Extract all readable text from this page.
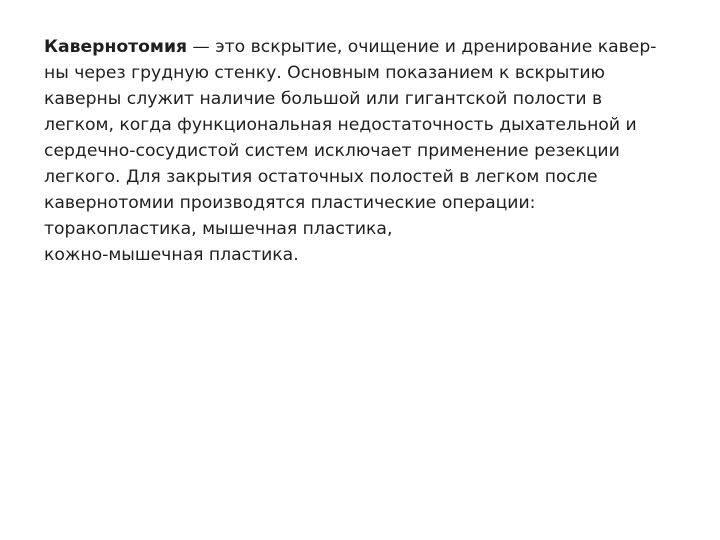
Кавернотомия — это вскрытие, очищение и дренирование кавер-
ны через грудную стенку. Основным показанием к вскрытию
каверны служит наличие большой или гигантской полости в
легком, когда функциональная недостаточность дыхательной и
сердечно-сосудистой систем исключает применение резекции
легкого. Для закрытия остаточных полостей в легком после
кавернотомии производятся пластические операции:
торакопластика, мышечная пластика,
кожно-мышечная пластика.
